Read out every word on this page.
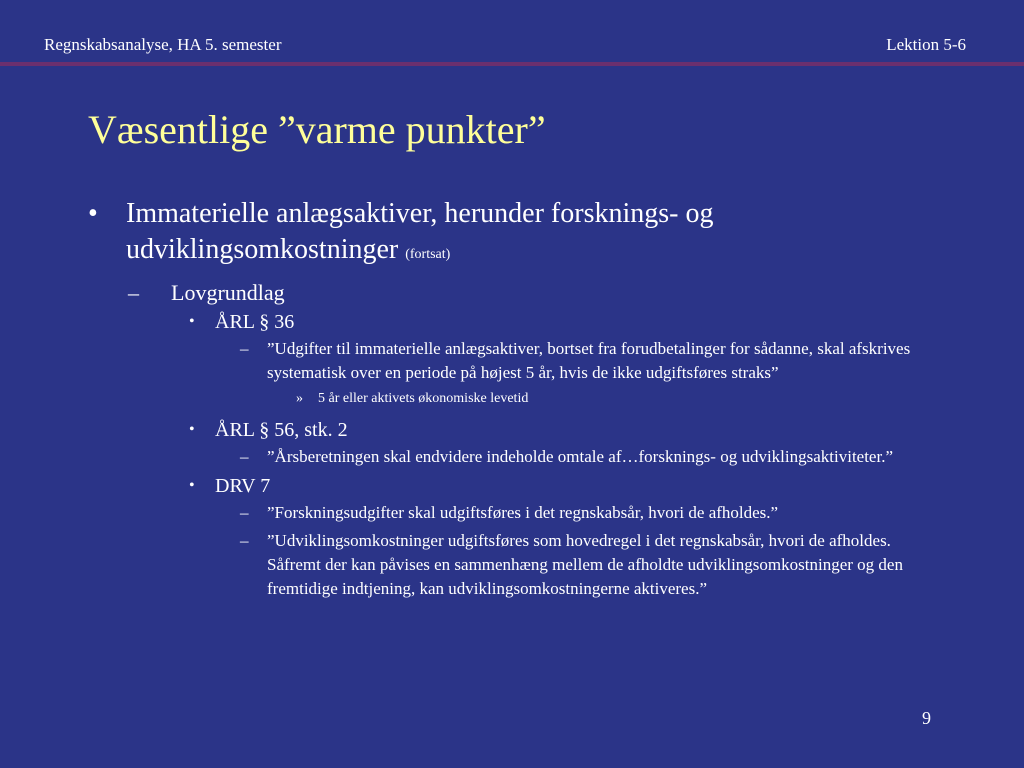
Regnskabsanalyse, HA 5. semester	Lektion 5-6
Væsentlige ”varme punkter”
•	Immaterielle anlægsaktiver, herunder forsknings- og udviklingsomkostninger (fortsat)
– Lovgrundlag
• ÅRL § 36
– ”Udgifter til immaterielle anlægsaktiver, bortset fra forudbetalinger for sådanne, skal afskrives systematisk over en periode på højest 5 år, hvis de ikke udgiftsføres straks”
» 5 år eller aktivets økonomiske levetid
• ÅRL § 56, stk. 2
– ”Årsberetningen skal endvidere indeholde omtale af…forsknings- og udviklingsaktiviteter.”
• DRV 7
– ”Forskningsudgifter skal udgiftsføres i det regnskabsår, hvori de afholdes.”
– ”Udviklingsomkostninger udgiftsføres som hovedregel i det regnskabsår, hvori de afholdes. Såfremt der kan påvises en sammenhæng mellem de afholdte udviklingsomkostninger og den fremtidige indtjening, kan udviklingsomkostningerne aktiveres.”
9
